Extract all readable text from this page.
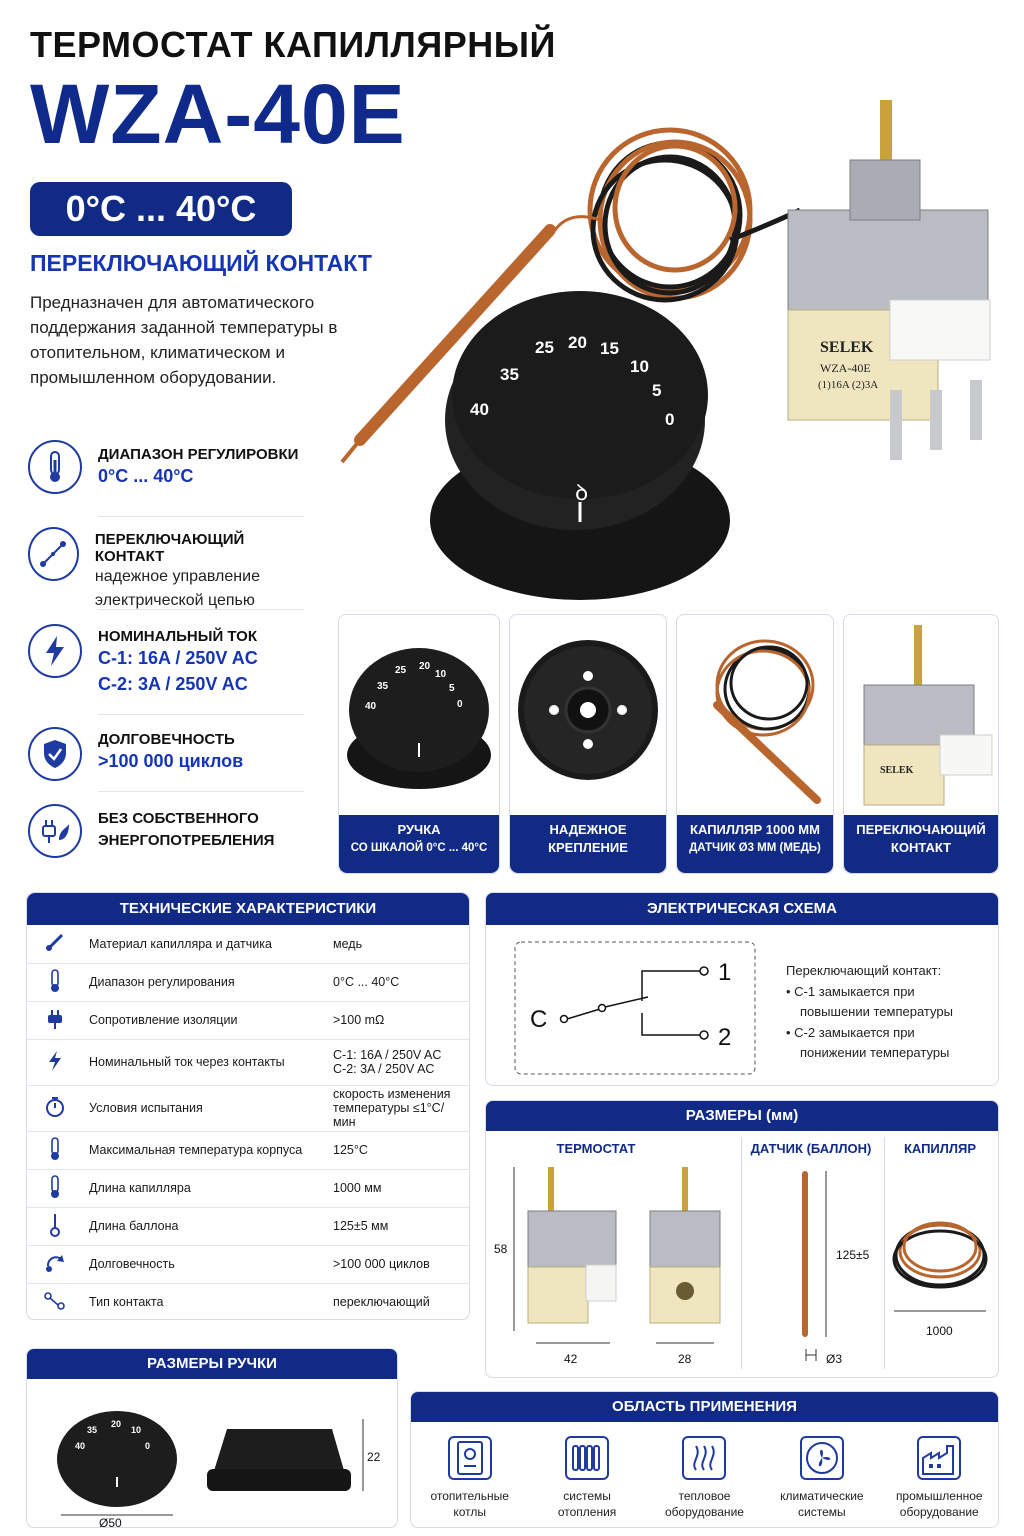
ТЕРМОСТАТ КАПИЛЛЯРНЫЙ
WZA-40E
0°C ... 40°C
ПЕРЕКЛЮЧАЮЩИЙ КОНТАКТ
Предназначен для автоматического поддержания заданной температуры в отопительном, климатическом и промышленном оборудовании.
SELEK
WZA-40E
(1)16A (2)3A
0
5
10
15
20
25
35
40
ꝺ
ДИАПАЗОН РЕГУЛИРОВКИ
0°C ... 40°C
ПЕРЕКЛЮЧАЮЩИЙ КОНТАКТ
надежное управление
электрической цепью
НОМИНАЛЬНЫЙ ТОК
С-1: 16A / 250V AC
С-2: 3A / 250V AC
ДОЛГОВЕЧНОСТЬ
>100 000 циклов
БЕЗ СОБСТВЕННОГО
ЭНЕРГОПОТРЕБЛЕНИЯ
0
5
10
20
25
35
40
РУЧКА
СО ШКАЛОЙ 0°C ... 40°C
НАДЕЖНОЕ
КРЕПЛЕНИЕ
КАПИЛЛЯР 1000 ММ
ДАТЧИК Ø3 ММ (МЕДЬ)
SELEK
ПЕРЕКЛЮЧАЮЩИЙ
КОНТАКТ
ТЕХНИЧЕСКИЕ ХАРАКТЕРИСТИКИ
	Материал капилляра и датчика	медь

	Диапазон регулирования	0°C ... 40°C

	Сопротивление изоляции	>100 mΩ

	Номинальный ток через контакты	С-1: 16A / 250V AC
С-2: 3A / 250V AC

	Условия испытания	скорость изменения
температуры ≤1°C/мин

	Максимальная температура корпуса	125°C

	Длина капилляра	1000 мм

	Длина баллона	125±5 мм

	Долговечность	>100 000 циклов

	Тип контакта	переключающий
ЭЛЕКТРИЧЕСКАЯ СХЕМА
C
1
2
Переключающий контакт:
• С-1 замыкается при
повышении температуры
• С-2 замыкается при
понижении температуры
РАЗМЕРЫ (мм)
ТЕРМОСТАТ	ДАТЧИК (БАЛЛОН)	КАПИЛЛЯР
58
42	28
125±5
Ø3
1000
РАЗМЕРЫ РУЧКИ
0
10
20
35
40
Ø50
22
ОБЛАСТЬ ПРИМЕНЕНИЯ
отопительные
котлы
системы
отопления
тепловое
оборудование
климатические
системы
промышленное
оборудование
